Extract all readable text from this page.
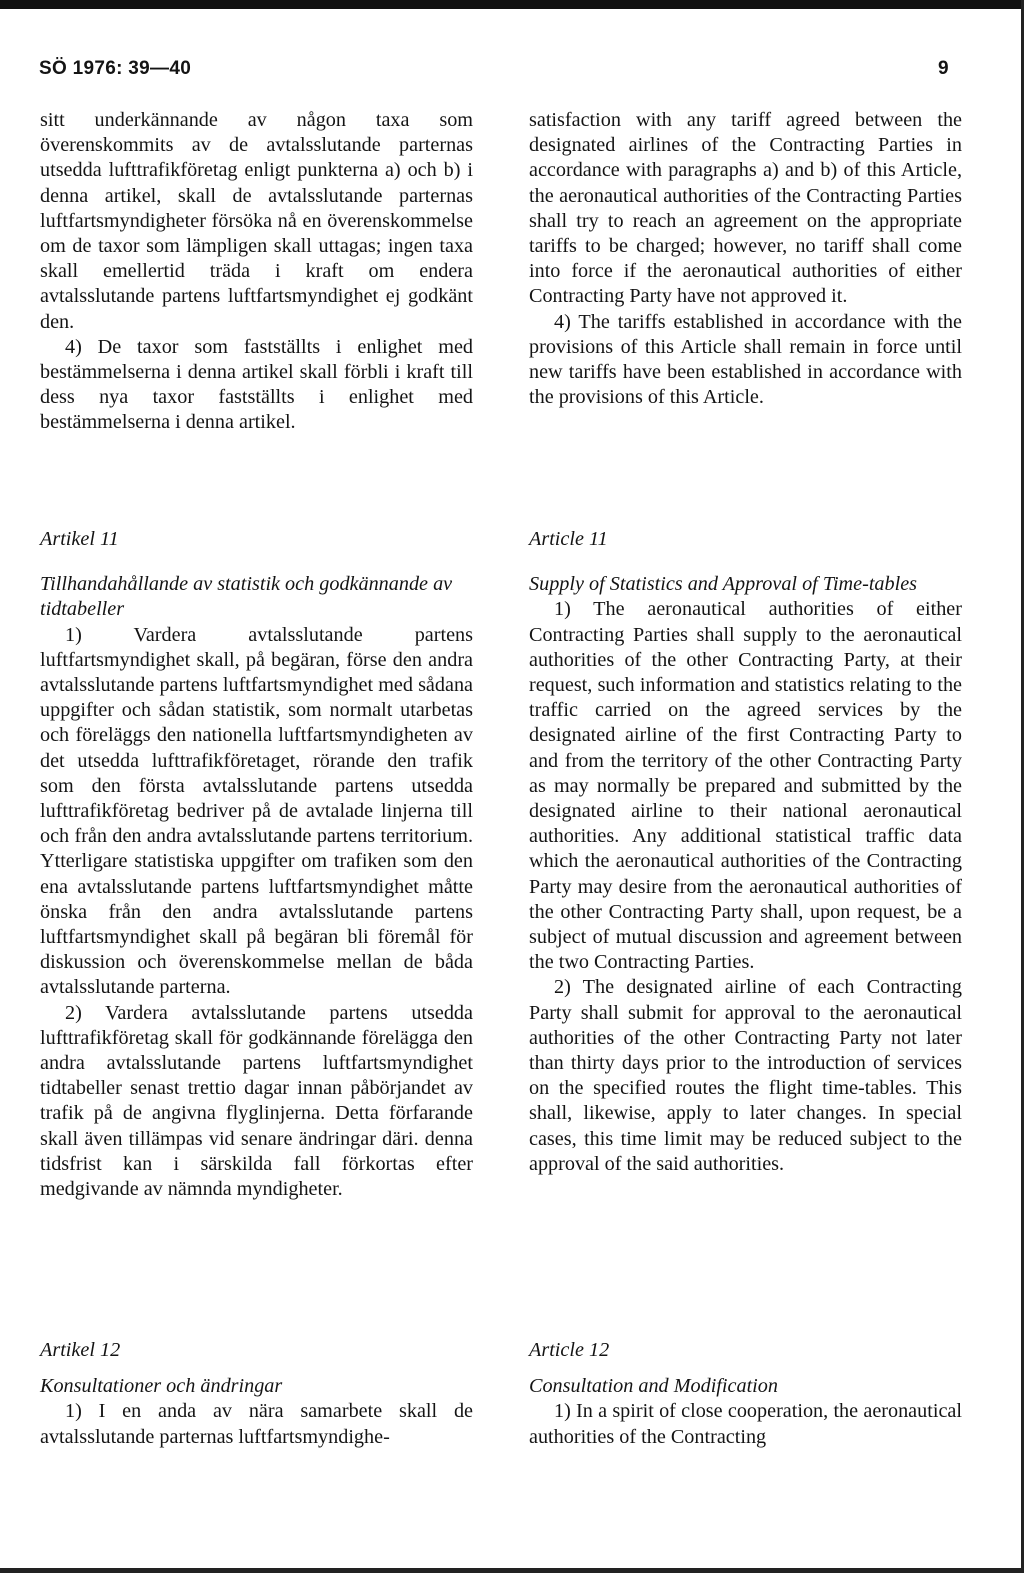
SÖ 1976: 39—40	9

sitt underkännande av någon taxa som överenskommits av de avtalsslutande parternas utsedda lufttrafikföretag enligt punkterna a) och b) i denna artikel, skall de avtalsslutande parternas luftfartsmyndigheter försöka nå en överenskommelse om de taxor som lämpligen skall uttagas; ingen taxa skall emellertid träda i kraft om endera avtalsslutande partens luftfartsmyndighet ej godkänt den.

4) De taxor som fastställts i enlighet med bestämmelserna i denna artikel skall förbli i kraft till dess nya taxor fastställts i enlighet med bestämmelserna i denna artikel.

Artikel 11

Tillhandahållande av statistik och godkännande av tidtabeller

1) Vardera avtalsslutande partens luftfartsmyndighet skall, på begäran, förse den andra avtalsslutande partens luftfartsmyndighet med sådana uppgifter och sådan statistik, som normalt utarbetas och föreläggs den nationella luftfartsmyndigheten av det utsedda lufttrafikföretaget, rörande den trafik som den första avtalsslutande partens utsedda lufttrafikföretag bedriver på de avtalade linjerna till och från den andra avtalsslutande partens territorium. Ytterligare statistiska uppgifter om trafiken som den ena avtalsslutande partens luftfartsmyndighet måtte önska från den andra avtalsslutande partens luftfartsmyndighet skall på begäran bli föremål för diskussion och överenskommelse mellan de båda avtalsslutande parterna.

2) Vardera avtalsslutande partens utsedda lufttrafikföretag skall för godkännande förelägga den andra avtalsslutande partens luftfartsmyndighet tidtabeller senast trettio dagar innan påbörjandet av trafik på de angivna flyglinjerna. Detta förfarande skall även tillämpas vid senare ändringar däri. denna tidsfrist kan i särskilda fall förkortas efter medgivande av nämnda myndigheter.

Artikel 12

Konsultationer och ändringar

1) I en anda av nära samarbete skall de avtalsslutande parternas luftfartsmyndighe-

satisfaction with any tariff agreed between the designated airlines of the Contracting Parties in accordance with paragraphs a) and b) of this Article, the aeronautical authorities of the Contracting Parties shall try to reach an agreement on the appropriate tariffs to be charged; however, no tariff shall come into force if the aeronautical authorities of either Contracting Party have not approved it.

4) The tariffs established in accordance with the provisions of this Article shall remain in force until new tariffs have been established in accordance with the provisions of this Article.

Article 11

Supply of Statistics and Approval of Time-tables

1) The aeronautical authorities of either Contracting Parties shall supply to the aeronautical authorities of the other Contracting Party, at their request, such information and statistics relating to the traffic carried on the agreed services by the designated airline of the first Contracting Party to and from the territory of the other Contracting Party as may normally be prepared and submitted by the designated airline to their national aeronautical authorities. Any additional statistical traffic data which the aeronautical authorities of the Contracting Party may desire from the aeronautical authorities of the other Contracting Party shall, upon request, be a subject of mutual discussion and agreement between the two Contracting Parties.

2) The designated airline of each Contracting Party shall submit for approval to the aeronautical authorities of the other Contracting Party not later than thirty days prior to the introduction of services on the specified routes the flight time-tables. This shall, likewise, apply to later changes. In special cases, this time limit may be reduced subject to the approval of the said authorities.

Article 12

Consultation and Modification

1) In a spirit of close cooperation, the aeronautical authorities of the Contracting
